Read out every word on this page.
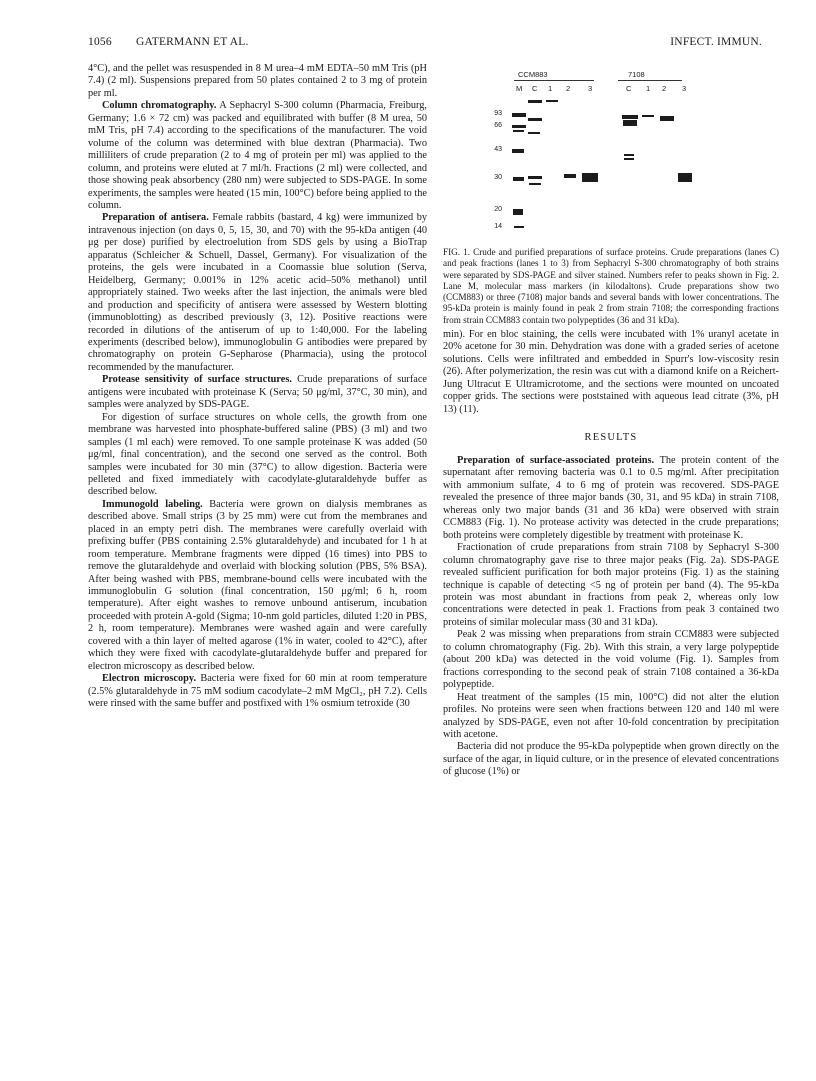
1056 GATERMANN ET AL.	INFECT. IMMUN.

4°C), and the pellet was resuspended in 8 M urea–4 mM EDTA–50 mM Tris (pH 7.4) (2 ml). Suspensions prepared from 50 plates contained 2 to 3 mg of protein per ml.

Column chromatography. A Sephacryl S-300 column (Pharmacia, Freiburg, Germany; 1.6 × 72 cm) was packed and equilibrated with buffer (8 M urea, 50 mM Tris, pH 7.4) according to the specifications of the manufacturer. The void volume of the column was determined with blue dextran (Pharmacia). Two milliliters of crude preparation (2 to 4 mg of protein per ml) was applied to the column, and proteins were eluted at 7 ml/h. Fractions (2 ml) were collected, and those showing peak absorbency (280 nm) were subjected to SDS-PAGE. In some experiments, the samples were heated (15 min, 100°C) before being applied to the column.

Preparation of antisera. Female rabbits (bastard, 4 kg) were immunized by intravenous injection (on days 0, 5, 15, 30, and 70) with the 95-kDa antigen (40 μg per dose) purified by electroelution from SDS gels by using a BioTrap apparatus (Schleicher & Schuell, Dassel, Germany). For visualization of the proteins, the gels were incubated in a Coomassie blue solution (Serva, Heidelberg, Germany; 0.001% in 12% acetic acid–50% methanol) until appropriately stained. Two weeks after the last injection, the animals were bled and production and specificity of antisera were assessed by Western blotting (immunoblotting) as described previously (3, 12). Positive reactions were recorded in dilutions of the antiserum of up to 1:40,000. For the labeling experiments (described below), immunoglobulin G antibodies were prepared by chromatography on protein G-Sepharose (Pharmacia), using the protocol recommended by the manufacturer.

Protease sensitivity of surface structures. Crude preparations of surface antigens were incubated with proteinase K (Serva; 50 μg/ml, 37°C, 30 min), and samples were analyzed by SDS-PAGE.

For digestion of surface structures on whole cells, the growth from one membrane was harvested into phosphate-buffered saline (PBS) (3 ml) and two samples (1 ml each) were removed. To one sample proteinase K was added (50 μg/ml, final concentration), and the second one served as the control. Both samples were incubated for 30 min (37°C) to allow digestion. Bacteria were pelleted and fixed immediately with cacodylate-glutaraldehyde buffer as described below.

Immunogold labeling. Bacteria were grown on dialysis membranes as described above. Small strips (3 by 25 mm) were cut from the membranes and placed in an empty petri dish. The membranes were carefully overlaid with prefixing buffer (PBS containing 2.5% glutaraldehyde) and incubated for 1 h at room temperature. Membrane fragments were dipped (16 times) into PBS to remove the glutaraldehyde and overlaid with blocking solution (PBS, 5% BSA). After being washed with PBS, membrane-bound cells were incubated with the immunoglobulin G solution (final concentration, 150 μg/ml; 6 h, room temperature). After eight washes to remove unbound antiserum, incubation proceeded with protein A-gold (Sigma; 10-nm gold particles, diluted 1:20 in PBS, 2 h, room temperature). Membranes were washed again and were carefully covered with a thin layer of melted agarose (1% in water, cooled to 42°C), after which they were fixed with cacodylate-glutaraldehyde buffer and prepared for electron microscopy as described below.

Electron microscopy. Bacteria were fixed for 60 min at room temperature (2.5% glutaraldehyde in 75 mM sodium cacodylate–2 mM MgCl₂, pH 7.2). Cells were rinsed with the same buffer and postfixed with 1% osmium tetroxide (30

CCM883	7108
M C 1 2 3	C 1 2 3
93
66
43
30
20
14

FIG. 1. Crude and purified preparations of surface proteins. Crude preparations (lanes C) and peak fractions (lanes 1 to 3) from Sephacryl S-300 chromatography of both strains were separated by SDS-PAGE and silver stained. Numbers refer to peaks shown in Fig. 2. Lane M, molecular mass markers (in kilodaltons). Crude preparations show two (CCM883) or three (7108) major bands and several bands with lower concentrations. The 95-kDa protein is mainly found in peak 2 from strain 7108; the corresponding fractions from strain CCM883 contain two polypeptides (36 and 31 kDa).

min). For en bloc staining, the cells were incubated with 1% uranyl acetate in 20% acetone for 30 min. Dehydration was done with a graded series of acetone solutions. Cells were infiltrated and embedded in Spurr's low-viscosity resin (26). After polymerization, the resin was cut with a diamond knife on a Reichert-Jung Ultracut E Ultramicrotome, and the sections were mounted on uncoated copper grids. The sections were poststained with aqueous lead citrate (3%, pH 13) (11).

RESULTS

Preparation of surface-associated proteins. The protein content of the supernatant after removing bacteria was 0.1 to 0.5 mg/ml. After precipitation with ammonium sulfate, 4 to 6 mg of protein was recovered. SDS-PAGE revealed the presence of three major bands (30, 31, and 95 kDa) in strain 7108, whereas only two major bands (31 and 36 kDa) were observed with strain CCM883 (Fig. 1). No protease activity was detected in the crude preparations; both proteins were completely digestible by treatment with proteinase K.

Fractionation of crude preparations from strain 7108 by Sephacryl S-300 column chromatography gave rise to three major peaks (Fig. 2a). SDS-PAGE revealed sufficient purification for both major proteins (Fig. 1) as the staining technique is capable of detecting <5 ng of protein per band (4). The 95-kDa protein was most abundant in fractions from peak 2, whereas only low concentrations were detected in peak 1. Fractions from peak 3 contained two proteins of similar molecular mass (30 and 31 kDa).

Peak 2 was missing when preparations from strain CCM883 were subjected to column chromatography (Fig. 2b). With this strain, a very large polypeptide (about 200 kDa) was detected in the void volume (Fig. 1). Samples from fractions corresponding to the second peak of strain 7108 contained a 36-kDa polypeptide.

Heat treatment of the samples (15 min, 100°C) did not alter the elution profiles. No proteins were seen when fractions between 120 and 140 ml were analyzed by SDS-PAGE, even not after 10-fold concentration by precipitation with acetone.

Bacteria did not produce the 95-kDa polypeptide when grown directly on the surface of the agar, in liquid culture, or in the presence of elevated concentrations of glucose (1%) or
